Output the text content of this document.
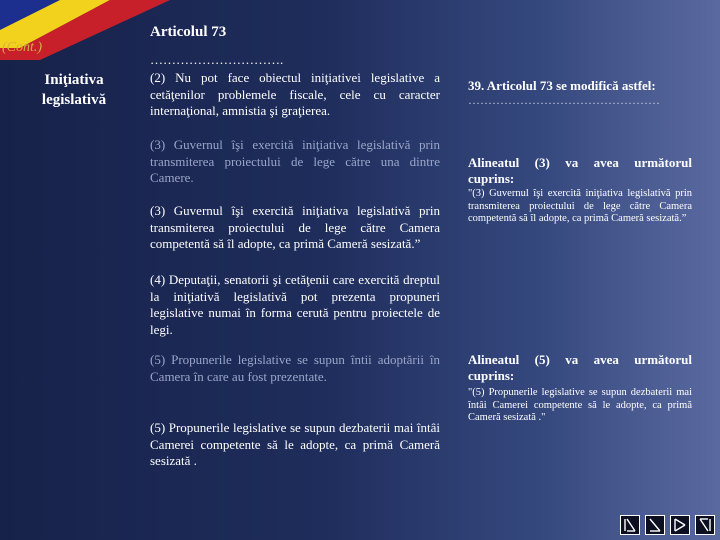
(Cont.)
Iniţiativa legislativă
Articolul 73
………………………….
(2) Nu pot face obiectul iniţiativei legislative a cetăţenilor problemele fiscale, cele cu caracter internaţional, amnistia şi graţierea.
(3) Guvernul îşi exercită iniţiativa legislativă prin transmiterea proiectului de lege către una dintre Camere.
(3) Guvernul îşi exercită iniţiativa legislativă prin transmiterea proiectului de lege către Camera competentă să îl adopte, ca primă Cameră sesizată.”
(4) Deputaţii, senatorii şi cetăţenii care exercită dreptul la iniţiativă legislativă pot prezenta propuneri legislative numai în forma cerută pentru proiectele de legi.
(5) Propunerile legislative se supun întii adoptării în Camera în care au fost prezentate.
(5) Propunerile legislative se supun dezbaterii mai întâi Camerei competente să le adopte, ca primă Cameră sesizată .
39. Articolul 73 se modifică astfel:
…………………………………………
Alineatul (3) va avea următorul cuprins:
"(3) Guvernul îşi exercită iniţiativa legislativă prin transmiterea proiectului de lege către Camera competentă să îl adopte, ca primă Cameră sesizată.”
Alineatul (5) va avea următorul cuprins:
"(5) Propunerile legislative se supun dezbaterii mai întâi Camerei competente să le adopte, ca primă Cameră sesizată ."
